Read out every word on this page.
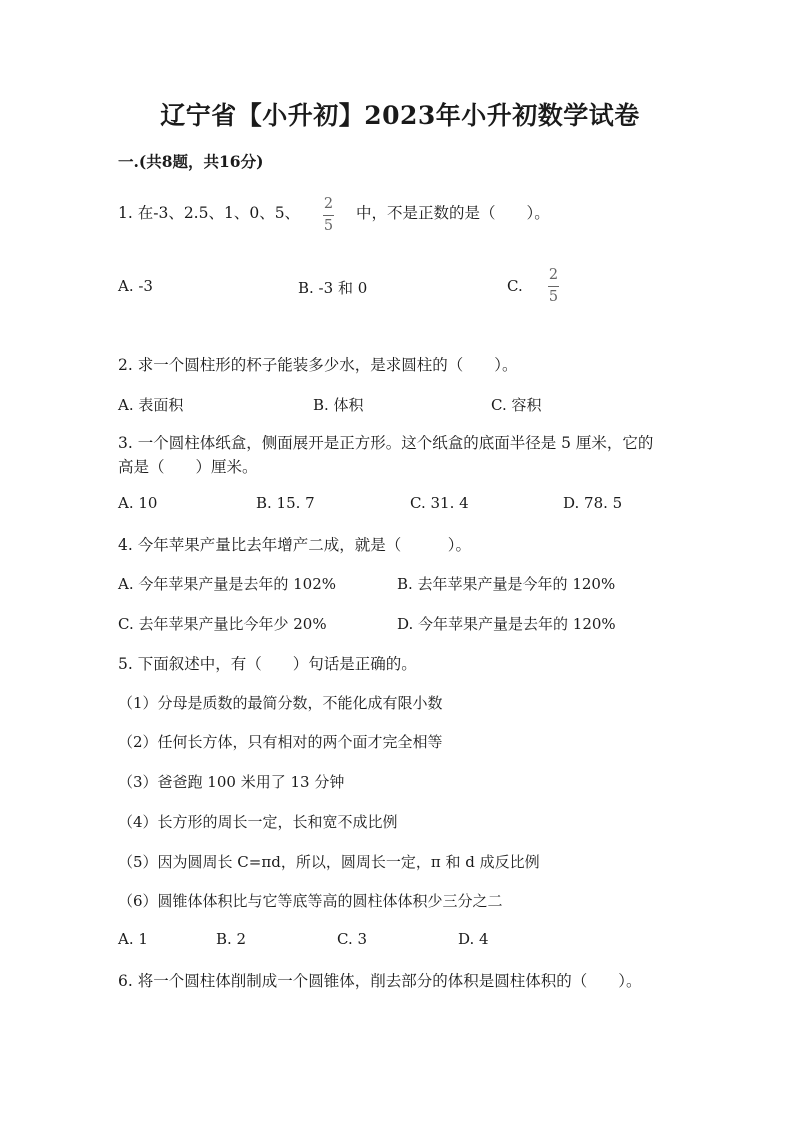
辽宁省【小升初】2023年小升初数学试卷
一.(共8题，共16分)
1. 在-3、2.5、1、0、5、 2
5
中，不是正数的是（　　）。
A. -3	B. -3 和 0	C.
2
5
2. 求一个圆柱形的杯子能装多少水，是求圆柱的（　　）。
A. 表面积	B. 体积	C. 容积
3. 一个圆柱体纸盒，侧面展开是正方形。这个纸盒的底面半径是 5 厘米，它的
高是（　　）厘米。
A. 10	B. 15. 7	C. 31. 4	D. 78. 5
4. 今年苹果产量比去年增产二成，就是（　　　）。
A. 今年苹果产量是去年的 102%	B. 去年苹果产量是今年的 120%
C. 去年苹果产量比今年少 20%	D. 今年苹果产量是去年的 120%
5. 下面叙述中，有（　　）句话是正确的。
（1）分母是质数的最简分数，不能化成有限小数
（2）任何长方体，只有相对的两个面才完全相等
（3）爸爸跑 100 米用了 13 分钟
（4）长方形的周长一定，长和宽不成比例
（5）因为圆周长 C=πd，所以，圆周长一定，π 和 d 成反比例
（6）圆锥体体积比与它等底等高的圆柱体体积少三分之二
A. 1	B. 2	C. 3	D. 4
6. 将一个圆柱体削制成一个圆锥体，削去部分的体积是圆柱体积的（　　）。
